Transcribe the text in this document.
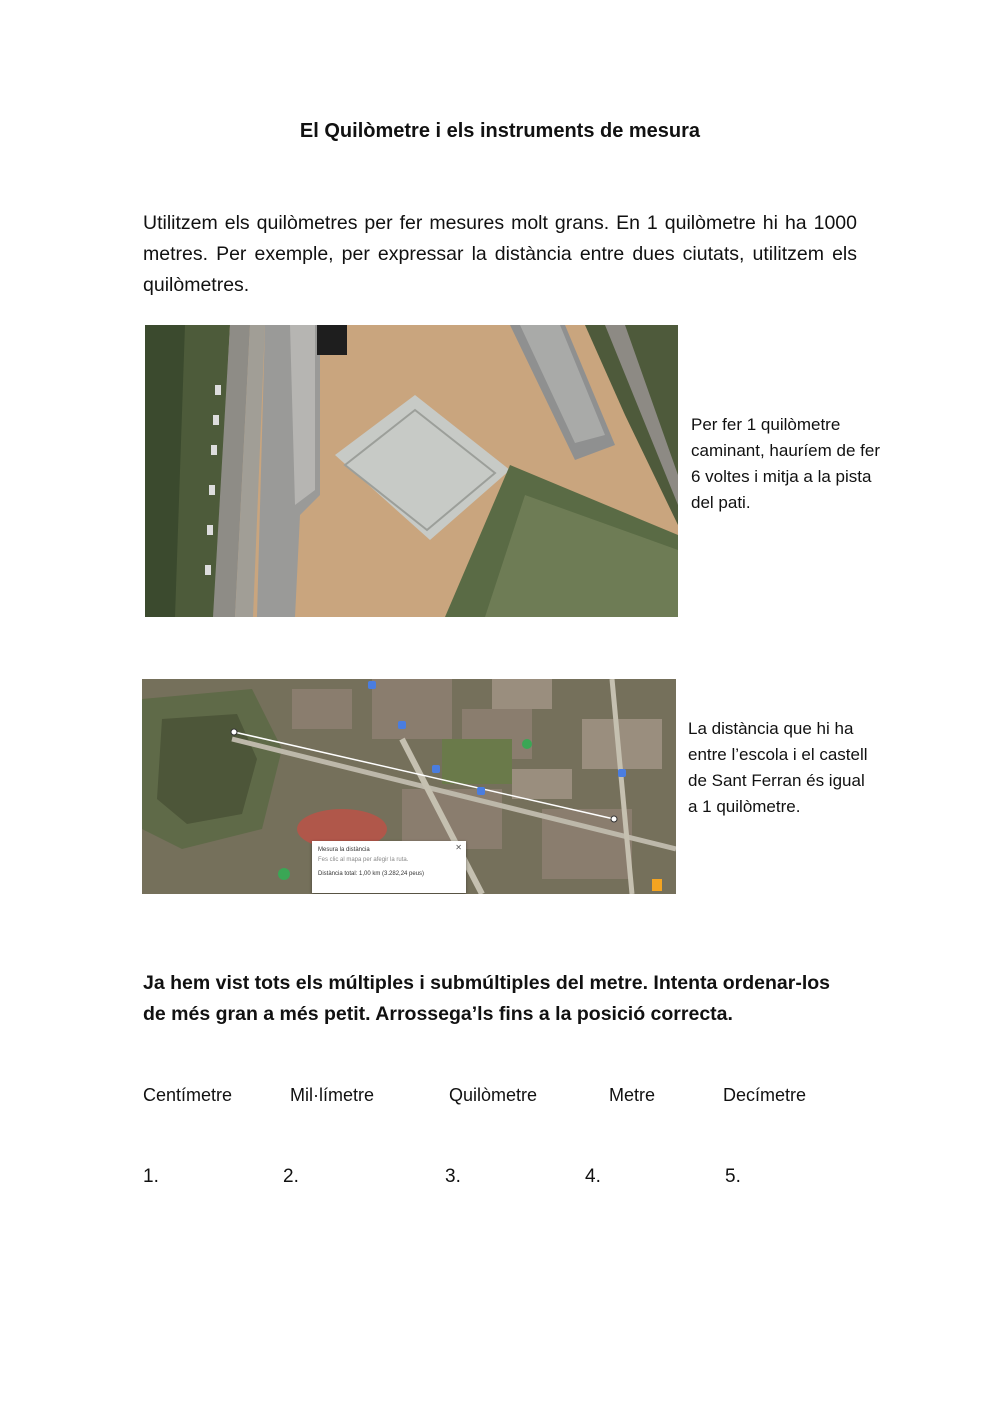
El Quilòmetre i els instruments de mesura
Utilitzem els quilòmetres per fer mesures molt grans. En 1 quilòmetre hi ha 1000 metres. Per exemple, per expressar la distància entre dues ciutats, utilitzem els quilòmetres.
Per fer 1 quilòmetre caminant, hauríem de fer 6 voltes i mitja a la pista del pati.
✕
Mesura la distància
Fes clic al mapa per afegir la ruta.
Distància total: 1,00 km (3.282,24 peus)
La distància que hi ha entre l’escola i el castell de Sant Ferran és igual a 1 quilòmetre.
Ja hem vist tots els múltiples i submúltiples del metre. Intenta ordenar-los de més gran a més petit. Arrossega’ls fins a la posició correcta.
Centímetre	Mil·límetre	Quilòmetre	Metre	Decímetre
1.	2.	3.	4.	5.
